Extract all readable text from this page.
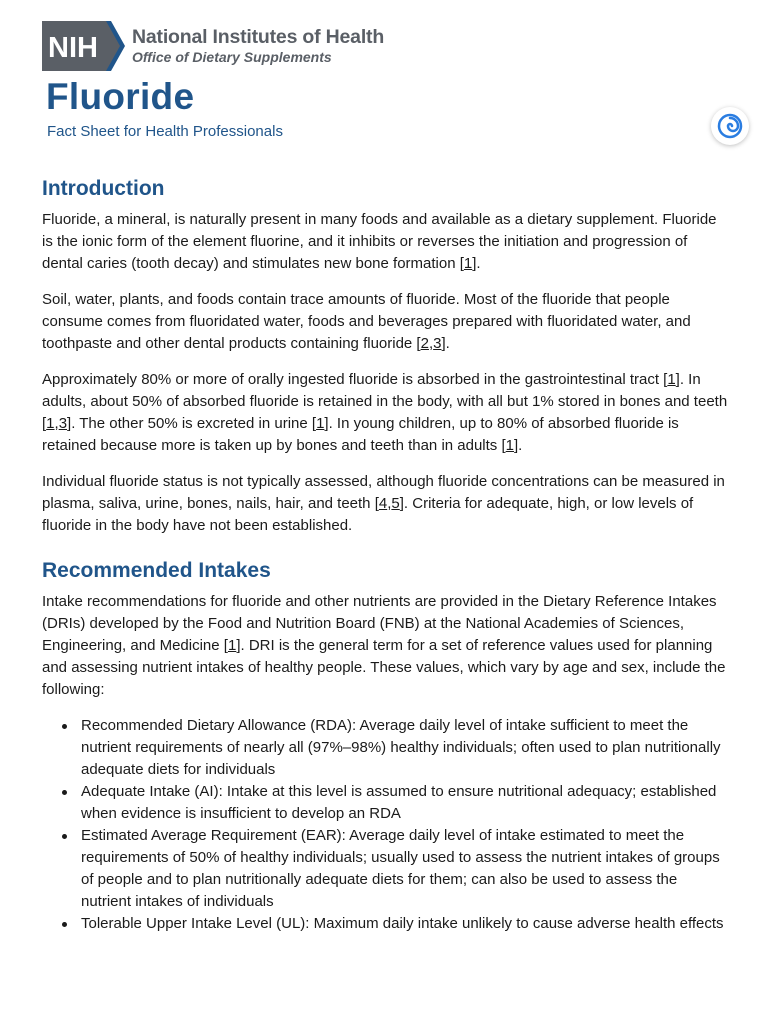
NIH National Institutes of Health
Office of Dietary Supplements
Fluoride

Fact Sheet for Health Professionals

Introduction

Fluoride, a mineral, is naturally present in many foods and available as a dietary supplement. Fluoride is the ionic form of the element fluorine, and it inhibits or reverses the initiation and progression of dental caries (tooth decay) and stimulates new bone formation [1].

Soil, water, plants, and foods contain trace amounts of fluoride. Most of the fluoride that people consume comes from fluoridated water, foods and beverages prepared with fluoridated water, and toothpaste and other dental products containing fluoride [2,3].

Approximately 80% or more of orally ingested fluoride is absorbed in the gastrointestinal tract [1]. In adults, about 50% of absorbed fluoride is retained in the body, with all but 1% stored in bones and teeth [1,3]. The other 50% is excreted in urine [1]. In young children, up to 80% of absorbed fluoride is retained because more is taken up by bones and teeth than in adults [1].

Individual fluoride status is not typically assessed, although fluoride concentrations can be measured in plasma, saliva, urine, bones, nails, hair, and teeth [4,5]. Criteria for adequate, high, or low levels of fluoride in the body have not been established.

Recommended Intakes

Intake recommendations for fluoride and other nutrients are provided in the Dietary Reference Intakes (DRIs) developed by the Food and Nutrition Board (FNB) at the National Academies of Sciences, Engineering, and Medicine [1]. DRI is the general term for a set of reference values used for planning and assessing nutrient intakes of healthy people. These values, which vary by age and sex, include the following:

Recommended Dietary Allowance (RDA): Average daily level of intake sufficient to meet the nutrient requirements of nearly all (97%–98%) healthy individuals; often used to plan nutritionally adequate diets for individuals
Adequate Intake (AI): Intake at this level is assumed to ensure nutritional adequacy; established when evidence is insufficient to develop an RDA
Estimated Average Requirement (EAR): Average daily level of intake estimated to meet the requirements of 50% of healthy individuals; usually used to assess the nutrient intakes of groups of people and to plan nutritionally adequate diets for them; can also be used to assess the nutrient intakes of individuals
Tolerable Upper Intake Level (UL): Maximum daily intake unlikely to cause adverse health effects
